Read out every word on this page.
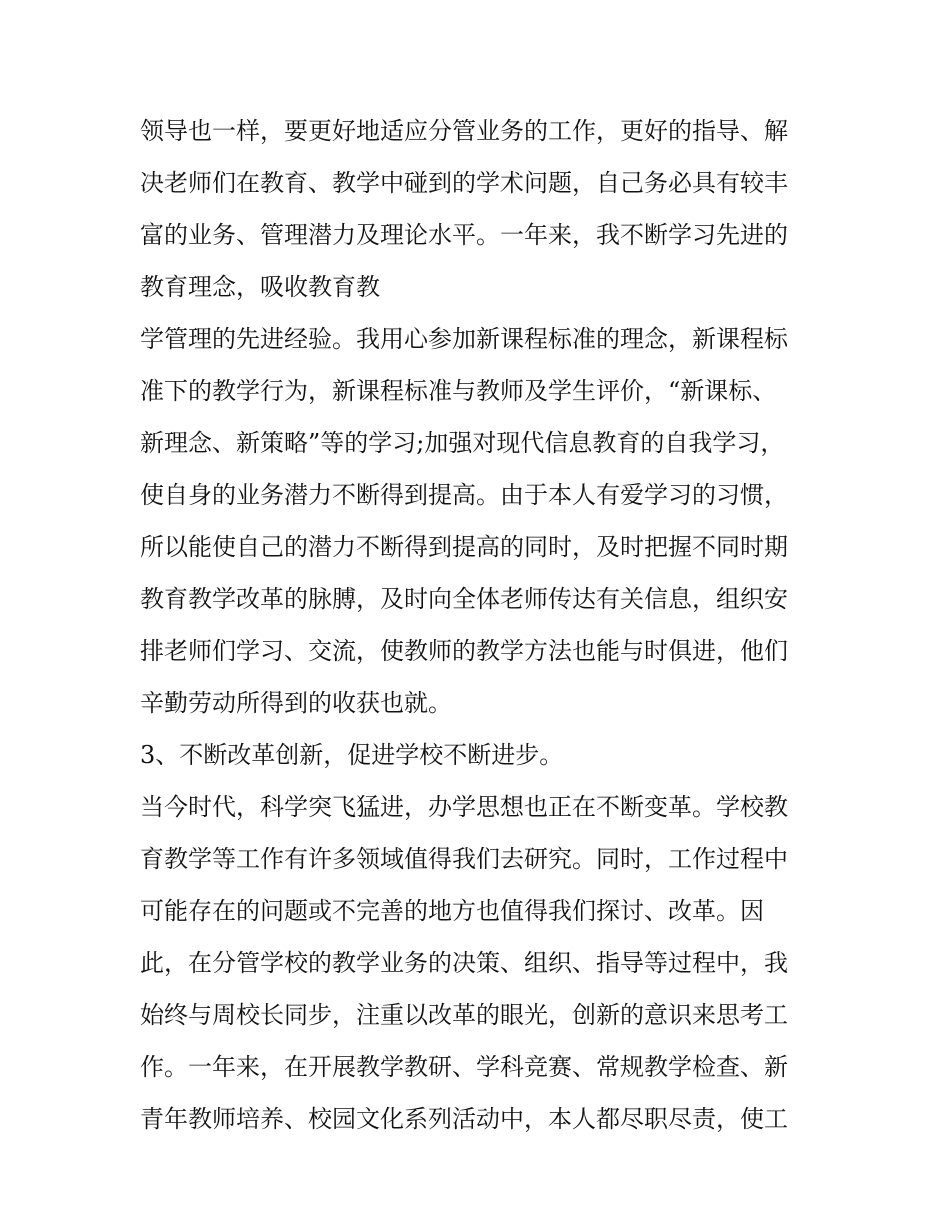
领导也一样，要更好地适应分管业务的工作，更好的指导、解
决老师们在教育、教学中碰到的学术问题，自己务必具有较丰
富的业务、管理潜力及理论水平。一年来，我不断学习先进的
教育理念，吸收教育教
学管理的先进经验。我用心参加新课程标准的理念，新课程标
准下的教学行为，新课程标准与教师及学生评价，“新课标、
新理念、新策略”等的学习;加强对现代信息教育的自我学习，
使自身的业务潜力不断得到提高。由于本人有爱学习的习惯，
所以能使自己的潜力不断得到提高的同时，及时把握不同时期
教育教学改革的脉膊，及时向全体老师传达有关信息，组织安
排老师们学习、交流，使教师的教学方法也能与时俱进，他们
辛勤劳动所得到的收获也就。
3、不断改革创新，促进学校不断进步。
当今时代，科学突飞猛进，办学思想也正在不断变革。学校教
育教学等工作有许多领域值得我们去研究。同时，工作过程中
可能存在的问题或不完善的地方也值得我们探讨、改革。因
此，在分管学校的教学业务的决策、组织、指导等过程中，我
始终与周校长同步，注重以改革的眼光，创新的意识来思考工
作。一年来，在开展教学教研、学科竞赛、常规教学检查、新
青年教师培养、校园文化系列活动中，本人都尽职尽责，使工
